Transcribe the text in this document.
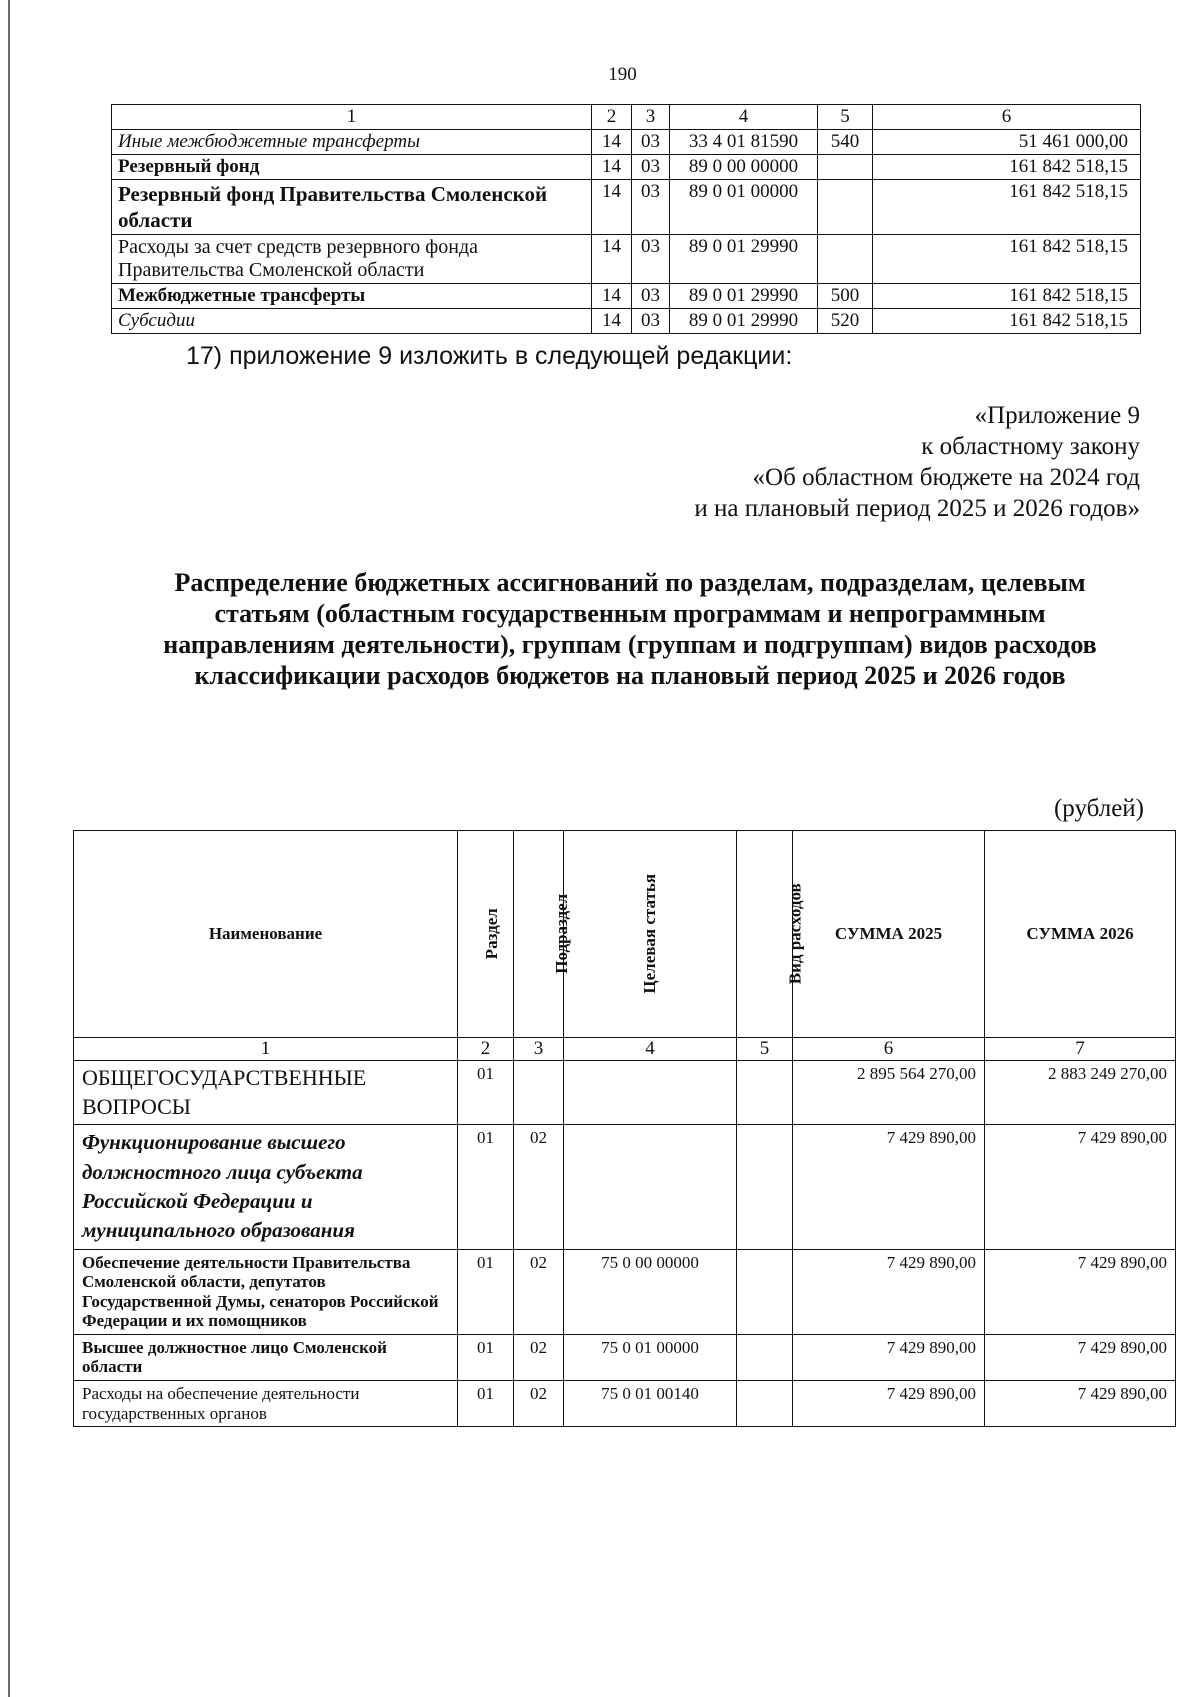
190
1	2	3	4	5	6
Иные межбюджетные трансферты	14	03	33 4 01 81590	540	51 461 000,00
Резервный фонд	14	03	89 0 00 00000		161 842 518,15
Резервный фонд Правительства Смоленской области	14	03	89 0 01 00000		161 842 518,15
Расходы за счет средств резервного фонда Правительства Смоленской области	14	03	89 0 01 29990		161 842 518,15
Межбюджетные трансферты	14	03	89 0 01 29990	500	161 842 518,15
Субсидии	14	03	89 0 01 29990	520	161 842 518,15
17) приложение 9 изложить в следующей редакции:
«Приложение 9
к областному закону
«Об областном бюджете на 2024 год
и на плановый период 2025 и 2026 годов»
Распределение бюджетных ассигнований по разделам, подразделам, целевым
статьям (областным государственным программам и непрограммным
направлениям деятельности), группам (группам и подгруппам) видов расходов
классификации расходов бюджетов на плановый период 2025 и 2026 годов
(рублей)
Наименование	Раздел	Подраздел	Целевая статья	Вид расходов	СУММА 2025	СУММА 2026
1	2	3	4	5	6	7
ОБЩЕГОСУДАРСТВЕННЫЕ ВОПРОСЫ	01				2 895 564 270,00	2 883 249 270,00
Функционирование высшего должностного лица субъекта Российской Федерации и муниципального образования	01	02			7 429 890,00	7 429 890,00
Обеспечение деятельности Правительства Смоленской области, депутатов Государственной Думы, сенаторов Российской Федерации и их помощников	01	02	75 0 00 00000		7 429 890,00	7 429 890,00
Высшее должностное лицо Смоленской области	01	02	75 0 01 00000		7 429 890,00	7 429 890,00
Расходы на обеспечение деятельности государственных органов	01	02	75 0 01 00140		7 429 890,00	7 429 890,00
